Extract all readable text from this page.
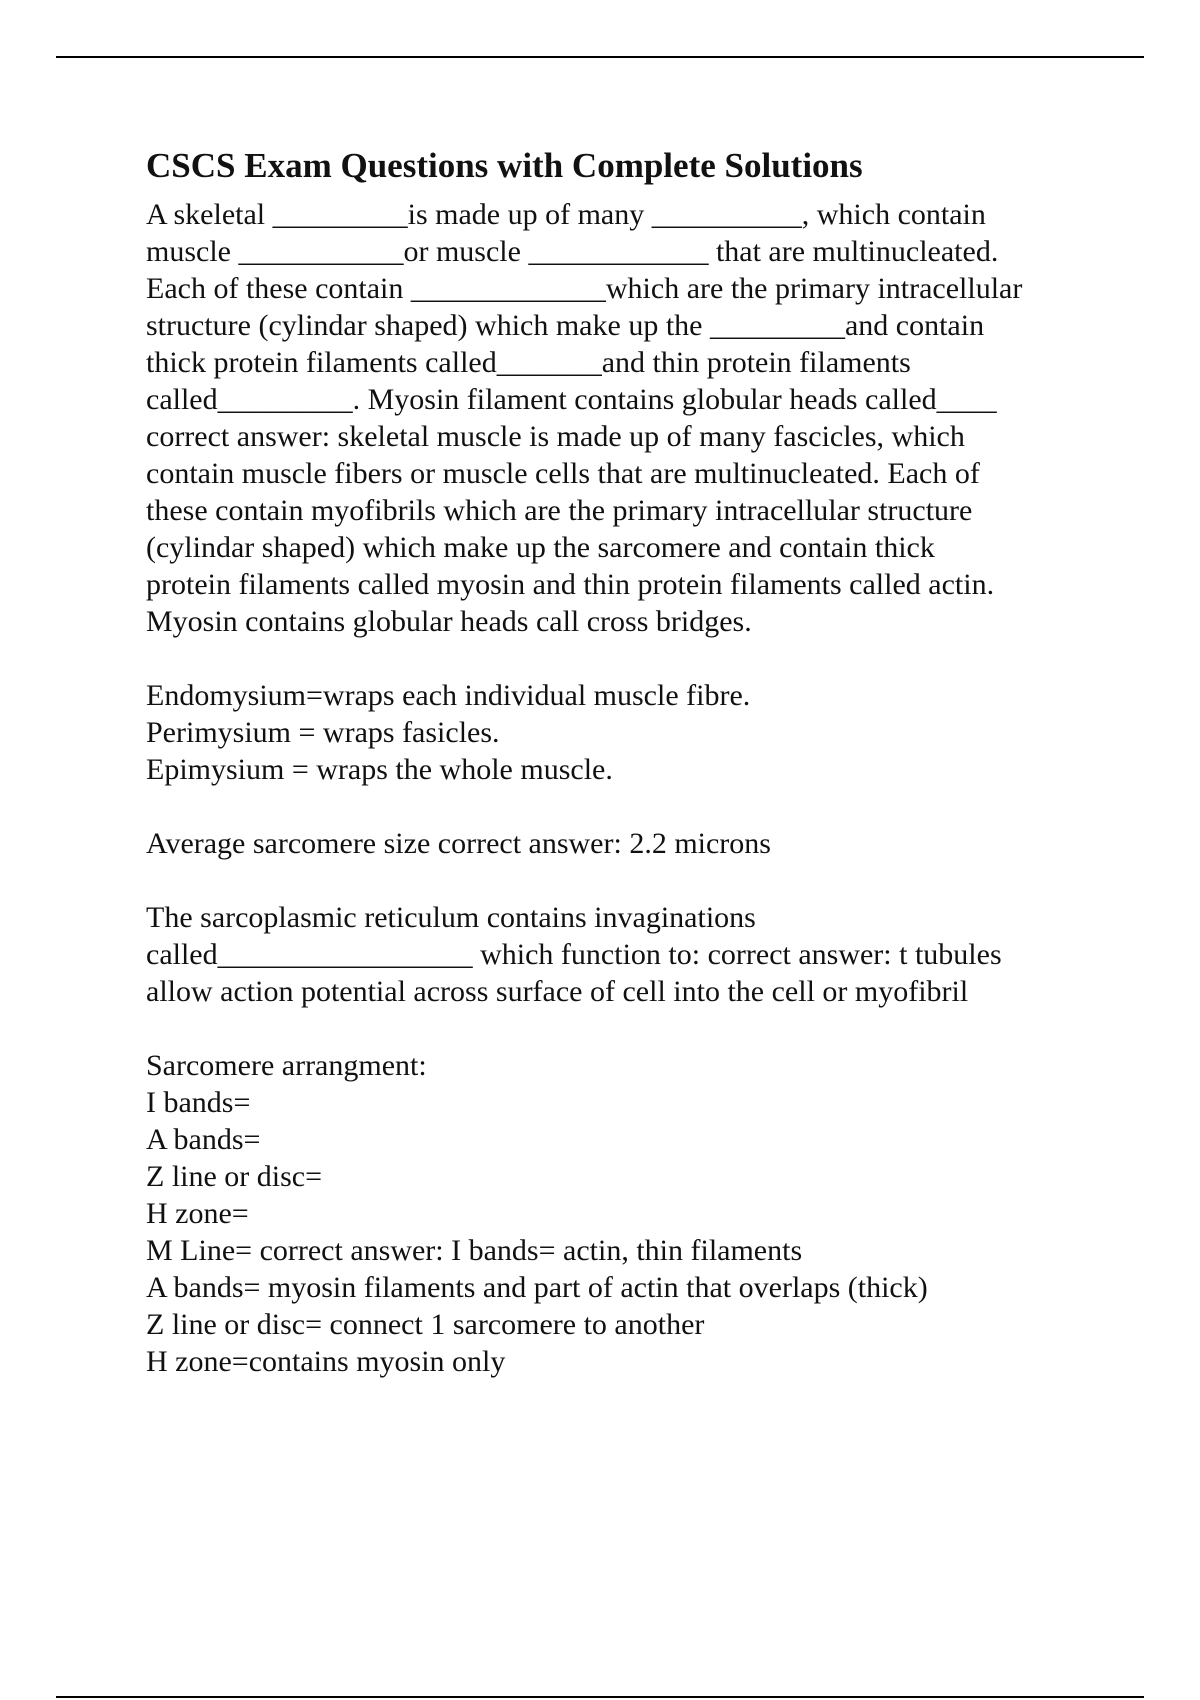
CSCS Exam Questions with Complete Solutions
A skeletal _________is made up of many __________, which contain
muscle ___________or muscle ____________ that are multinucleated.
Each of these contain _____________which are the primary intracellular
structure (cylindar shaped) which make up the _________and contain
thick protein filaments called_______and thin protein filaments
called_________. Myosin filament contains globular heads called____
correct answer: skeletal muscle is made up of many fascicles, which
contain muscle fibers or muscle cells that are multinucleated. Each of
these contain myofibrils which are the primary intracellular structure
(cylindar shaped) which make up the sarcomere and contain thick
protein filaments called myosin and thin protein filaments called actin.
Myosin contains globular heads call cross bridges.
Endomysium=wraps each individual muscle fibre.
Perimysium = wraps fasicles.
Epimysium = wraps the whole muscle.
Average sarcomere size correct answer: 2.2 microns
The sarcoplasmic reticulum contains invaginations
called_________________ which function to: correct answer: t tubules
allow action potential across surface of cell into the cell or myofibril
Sarcomere arrangment:
I bands=
A bands=
Z line or disc=
H zone=
M Line= correct answer: I bands= actin, thin filaments
A bands= myosin filaments and part of actin that overlaps (thick)
Z line or disc= connect 1 sarcomere to another
H zone=contains myosin only
